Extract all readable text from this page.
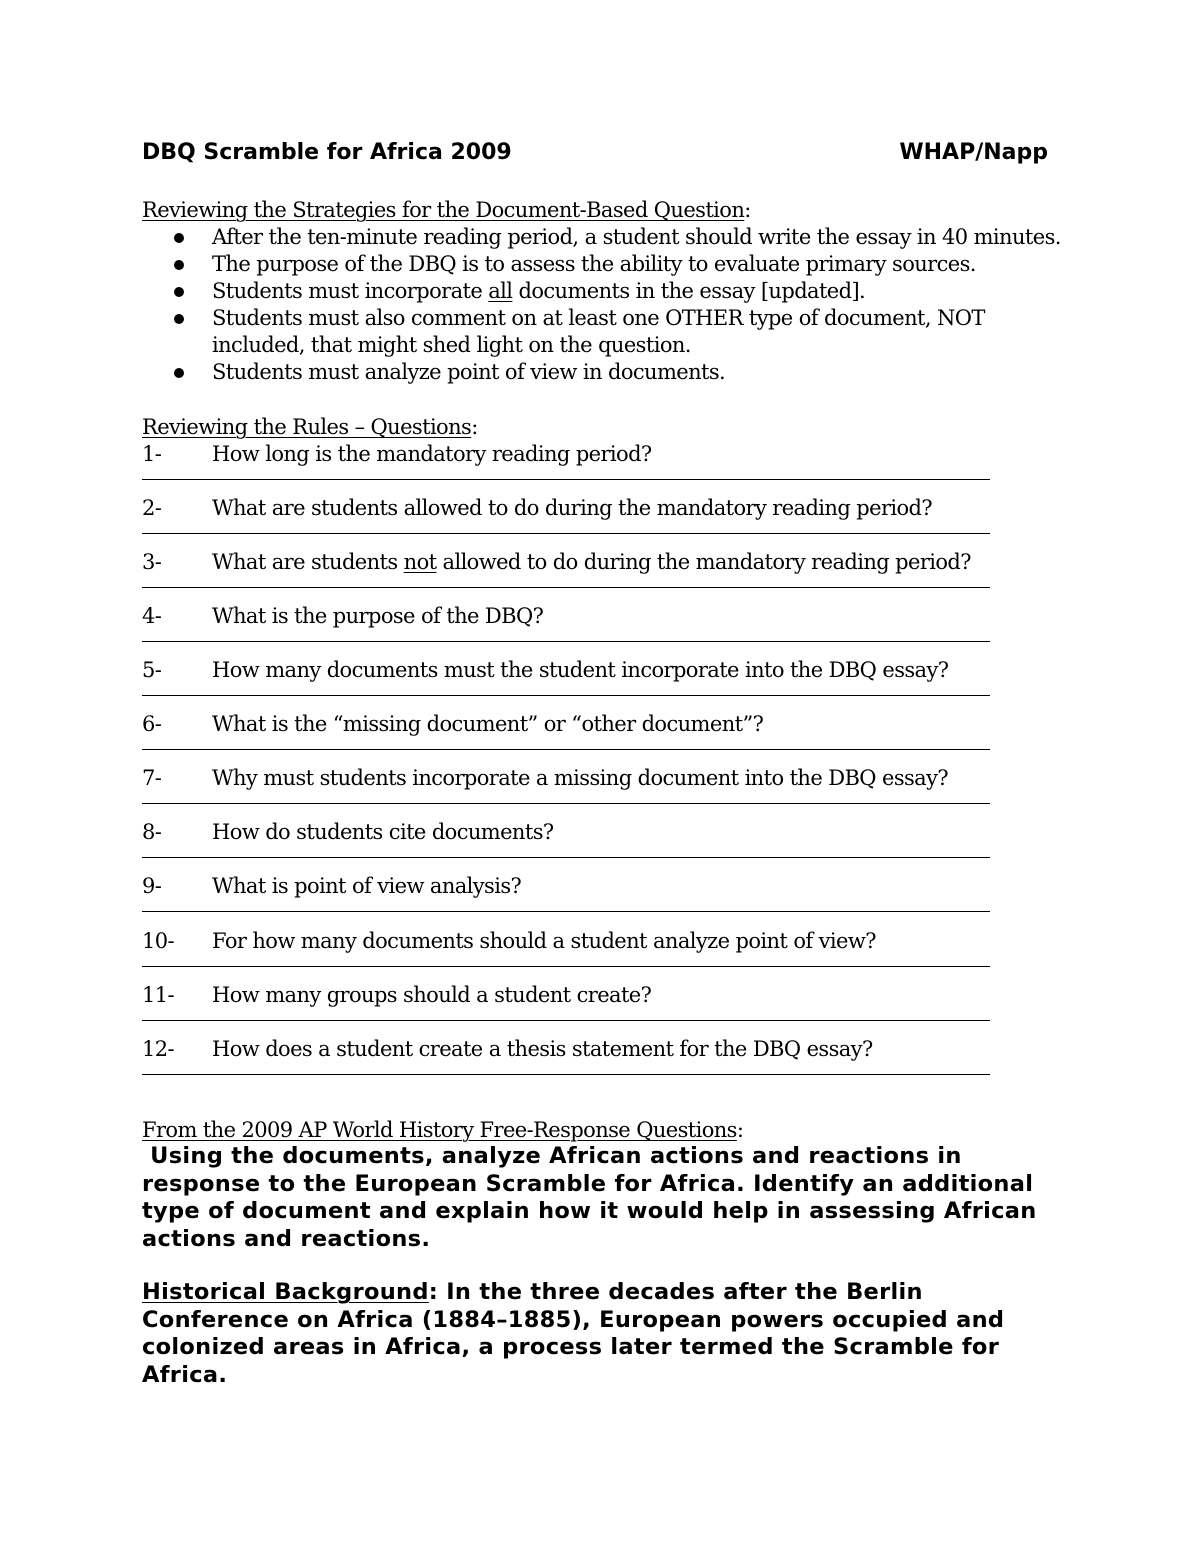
DBQ Scramble for Africa 2009	WHAP/Napp
Reviewing the Strategies for the Document-Based Question:
After the ten-minute reading period, a student should write the essay in 40 minutes.
The purpose of the DBQ is to assess the ability to evaluate primary sources.
Students must incorporate all documents in the essay [updated].
Students must also comment on at least one OTHER type of document, NOT included, that might shed light on the question.
Students must analyze point of view in documents.
Reviewing the Rules – Questions:
1- How long is the mandatory reading period?
2- What are students allowed to do during the mandatory reading period?
3- What are students not allowed to do during the mandatory reading period?
4- What is the purpose of the DBQ?
5- How many documents must the student incorporate into the DBQ essay?
6- What is the “missing document” or “other document”?
7- Why must students incorporate a missing document into the DBQ essay?
8- How do students cite documents?
9- What is point of view analysis?
10- For how many documents should a student analyze point of view?
11- How many groups should a student create?
12- How does a student create a thesis statement for the DBQ essay?
From the 2009 AP World History Free-Response Questions:
Using the documents, analyze African actions and reactions in response to the European Scramble for Africa. Identify an additional type of document and explain how it would help in assessing African actions and reactions.
Historical Background: In the three decades after the Berlin Conference on Africa (1884–1885), European powers occupied and colonized areas in Africa, a process later termed the Scramble for Africa.
